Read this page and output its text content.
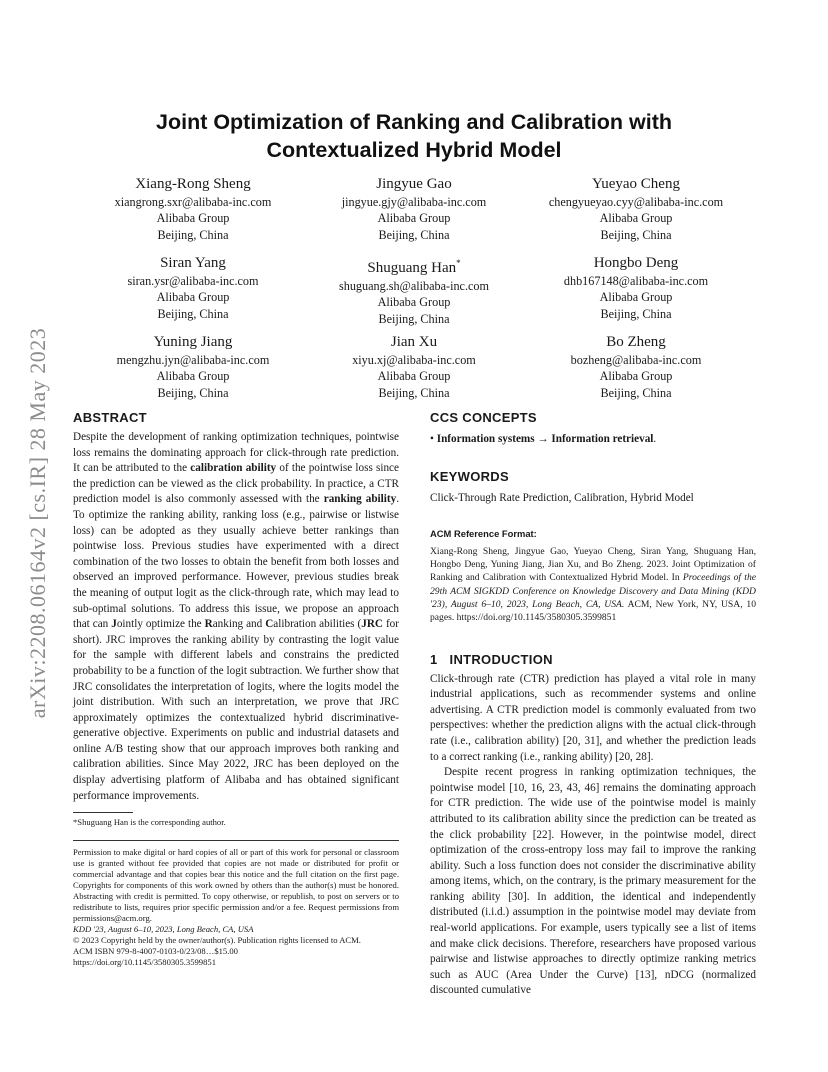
arXiv:2208.06164v2 [cs.IR] 28 May 2023
Joint Optimization of Ranking and Calibration with
Contextualized Hybrid Model
Xiang-Rong Sheng
xiangrong.sxr@alibaba-inc.com
Alibaba Group
Beijing, China
Jingyue Gao
jingyue.gjy@alibaba-inc.com
Alibaba Group
Beijing, China
Yueyao Cheng
chengyueyao.cyy@alibaba-inc.com
Alibaba Group
Beijing, China
Siran Yang
siran.ysr@alibaba-inc.com
Alibaba Group
Beijing, China
Shuguang Han*
shuguang.sh@alibaba-inc.com
Alibaba Group
Beijing, China
Hongbo Deng
dhb167148@alibaba-inc.com
Alibaba Group
Beijing, China
Yuning Jiang
mengzhu.jyn@alibaba-inc.com
Alibaba Group
Beijing, China
Jian Xu
xiyu.xj@alibaba-inc.com
Alibaba Group
Beijing, China
Bo Zheng
bozheng@alibaba-inc.com
Alibaba Group
Beijing, China
ABSTRACT

Despite the development of ranking optimization techniques, pointwise loss remains the dominating approach for click-through rate prediction. It can be attributed to the calibration ability of the pointwise loss since the prediction can be viewed as the click probability. In practice, a CTR prediction model is also commonly assessed with the ranking ability. To optimize the ranking ability, ranking loss (e.g., pairwise or listwise loss) can be adopted as they usually achieve better rankings than pointwise loss. Previous studies have experimented with a direct combination of the two losses to obtain the benefit from both losses and observed an improved performance. However, previous studies break the meaning of output logit as the click-through rate, which may lead to sub-optimal solutions. To address this issue, we propose an approach that can Jointly optimize the Ranking and Calibration abilities (JRC for short). JRC improves the ranking ability by contrasting the logit value for the sample with different labels and constrains the predicted probability to be a function of the logit subtraction. We further show that JRC consolidates the interpretation of logits, where the logits model the joint distribution. With such an interpretation, we prove that JRC approximately optimizes the contextualized hybrid discriminative-generative objective. Experiments on public and industrial datasets and online A/B testing show that our approach improves both ranking and calibration abilities. Since May 2022, JRC has been deployed on the display advertising platform of Alibaba and has obtained significant performance improvements.

*Shuguang Han is the corresponding author.

Permission to make digital or hard copies of all or part of this work for personal or classroom use is granted without fee provided that copies are not made or distributed for profit or commercial advantage and that copies bear this notice and the full citation on the first page. Copyrights for components of this work owned by others than the author(s) must be honored. Abstracting with credit is permitted. To copy otherwise, or republish, to post on servers or to redistribute to lists, requires prior specific permission and/or a fee. Request permissions from permissions@acm.org.

KDD '23, August 6–10, 2023, Long Beach, CA, USA

© 2023 Copyright held by the owner/author(s). Publication rights licensed to ACM.

ACM ISBN 979-8-4007-0103-0/23/08…$15.00

https://doi.org/10.1145/3580305.3599851

CCS CONCEPTS

• Information systems → Information retrieval.

KEYWORDS

Click-Through Rate Prediction, Calibration, Hybrid Model

ACM Reference Format:

Xiang-Rong Sheng, Jingyue Gao, Yueyao Cheng, Siran Yang, Shuguang Han, Hongbo Deng, Yuning Jiang, Jian Xu, and Bo Zheng. 2023. Joint Optimization of Ranking and Calibration with Contextualized Hybrid Model. In Proceedings of the 29th ACM SIGKDD Conference on Knowledge Discovery and Data Mining (KDD '23), August 6–10, 2023, Long Beach, CA, USA. ACM, New York, NY, USA, 10 pages. https://doi.org/10.1145/3580305.3599851

1 INTRODUCTION

Click-through rate (CTR) prediction has played a vital role in many industrial applications, such as recommender systems and online advertising. A CTR prediction model is commonly evaluated from two perspectives: whether the prediction aligns with the actual click-through rate (i.e., calibration ability) [20, 31], and whether the prediction leads to a correct ranking (i.e., ranking ability) [20, 28].

Despite recent progress in ranking optimization techniques, the pointwise model [10, 16, 23, 43, 46] remains the dominating approach for CTR prediction. The wide use of the pointwise model is mainly attributed to its calibration ability since the prediction can be treated as the click probability [22]. However, in the pointwise model, direct optimization of the cross-entropy loss may fail to improve the ranking ability. Such a loss function does not consider the discriminative ability among items, which, on the contrary, is the primary measurement for the ranking ability [30]. In addition, the identical and independently distributed (i.i.d.) assumption in the pointwise model may deviate from real-world applications. For example, users typically see a list of items and make click decisions. Therefore, researchers have proposed various pairwise and listwise approaches to directly optimize ranking metrics such as AUC (Area Under the Curve) [13], nDCG (normalized discounted cumulative
